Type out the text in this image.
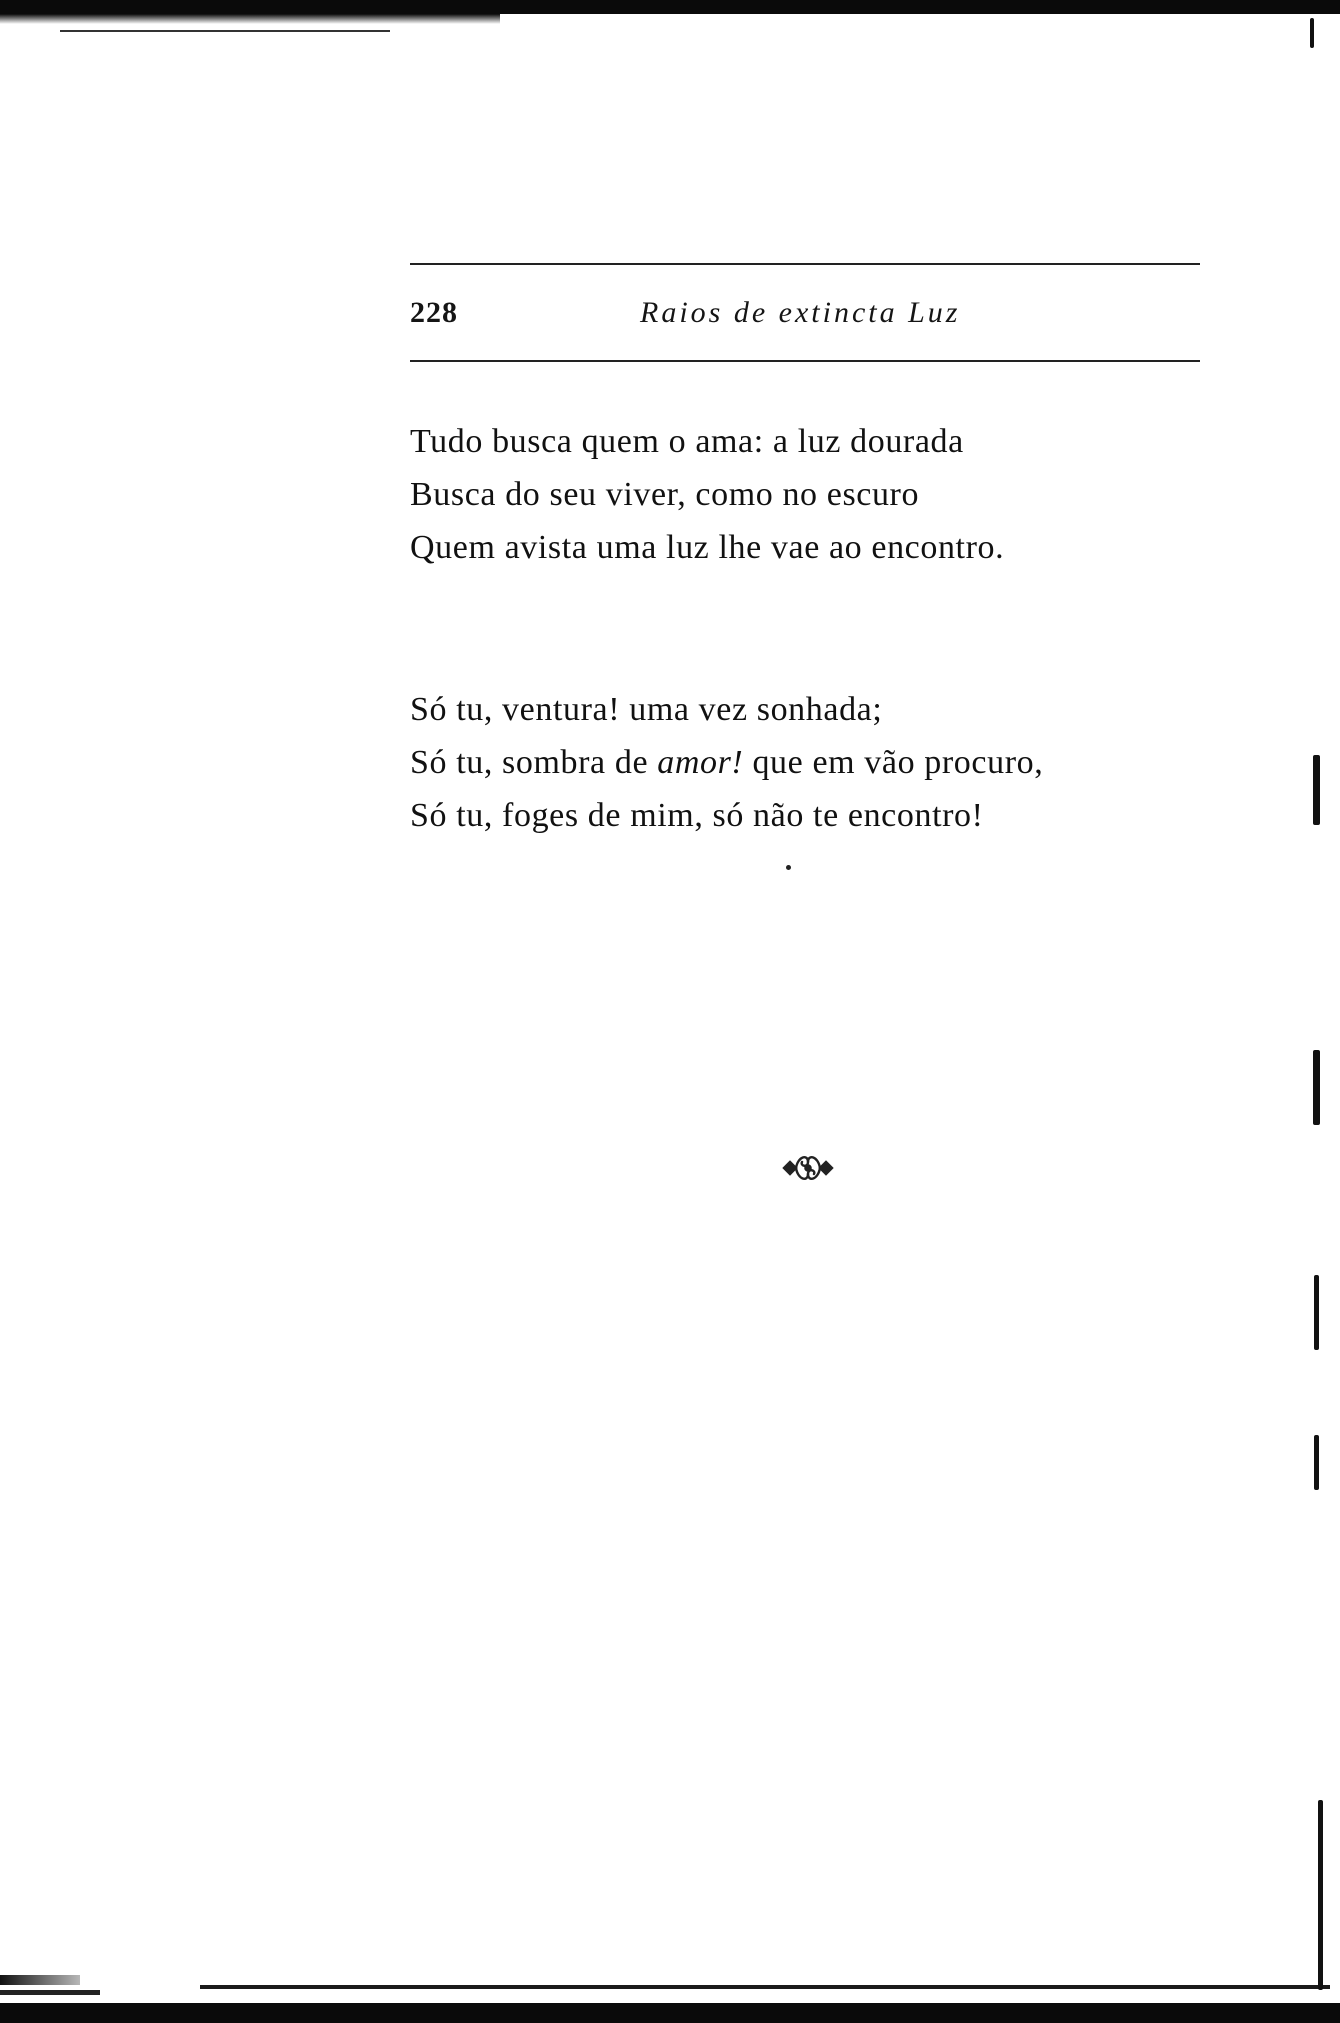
228	Raios de extincta Luz
Tudo busca quem o ama: a luz dourada
Busca do seu viver, como no escuro
Quem avista uma luz lhe vae ao encontro.
Só tu, ventura! uma vez sonhada;
Só tu, sombra de amor! que em vão procuro,
Só tu, foges de mim, só não te encontro!
